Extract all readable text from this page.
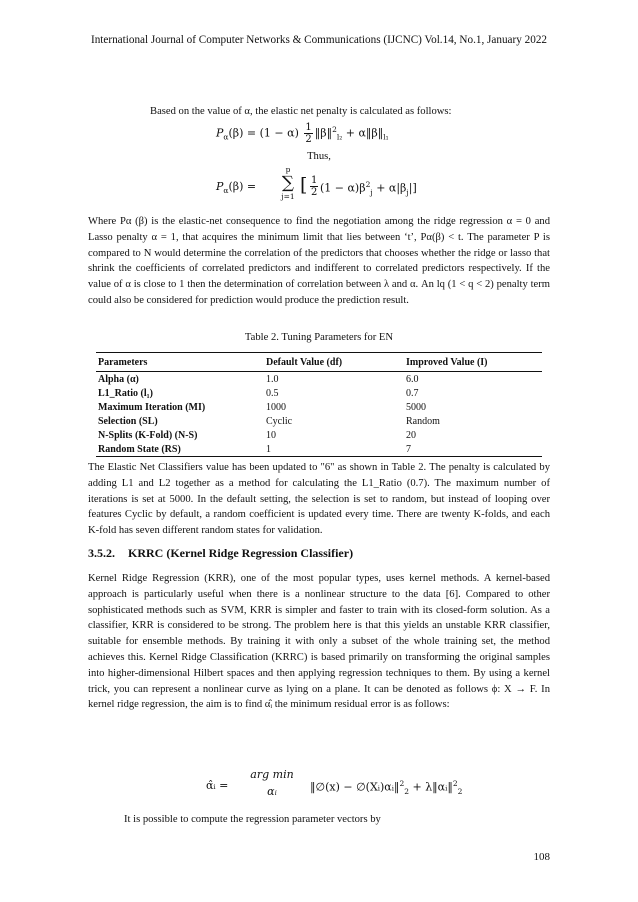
International Journal of Computer Networks & Communications (IJCNC) Vol.14, No.1, January 2022
Based on the value of α, the elastic net penalty is calculated as follows:
$P_\alpha(\beta) = (1 - \alpha) \frac{1}{2}$ ‖β‖$^2_{l_2}$ + $\alpha‖\beta‖_{l_1}$
Thus,
$P_\alpha(\beta)$ =
p
∑
j=1
[ $\frac{1}{2} (1 - \alpha)\beta^2_j + \alpha|\beta_j|$]
Where Pα (β) is the elastic-net consequence to find the negotiation among the ridge regression α = 0 and Lasso penalty α = 1, that acquires the minimum limit that lies between ‘t’, Pα(β) < t. The parameter P is compared to N would determine the correlation of the predictors that chooses whether the ridge or lasso that shrink the coefficients of correlated predictors and indifferent to correlated predictors respectively. If the value of α is close to 1 then the determination of correlation between λ and α. An lq (1 < q < 2) penalty term could also be considered for prediction would produce the prediction result.
Table 2. Tuning Parameters for EN
Parameters	Default Value (df)	Improved Value (I)
Alpha (α)	1.0	6.0
L1_Ratio (l₁)	0.5	0.7
Maximum Iteration (MI)	1000	5000
Selection (SL)	Cyclic	Random
N-Splits (K-Fold) (N-S)	10	20
Random State (RS)	1	7
The Elastic Net Classifiers value has been updated to "6" as shown in Table 2. The penalty is calculated by adding L1 and L2 together as a method for calculating the L1_Ratio (0.7). The maximum number of iterations is set at 5000. In the default setting, the selection is set to random, but instead of looping over features Cyclic by default, a random coefficient is updated every time. There are twenty K-folds, and each K-fold has seven different random states for validation.
3.5.2. KRRC (Kernel Ridge Regression Classifier)
Kernel Ridge Regression (KRR), one of the most popular types, uses kernel methods. A kernel-based approach is particularly useful when there is a nonlinear structure to the data [6]. Compared to other sophisticated methods such as SVM, KRR is simpler and faster to train with its closed-form solution. As a classifier, KRR is considered to be strong. The problem here is that this yields an unstable KRR classifier, suitable for ensemble methods. By training it with only a subset of the whole training set, the method achieves this. Kernel Ridge Classification (KRRC) is based primarily on transforming the original samples into higher-dimensional Hilbert spaces and then applying regression techniques to them. By using a kernel trick, you can represent a nonlinear curve as lying on a plane. It can be denoted as follows ϕ: X → F. In kernel ridge regression, the aim is to find α̂ᵢ the minimum residual error is as follows:
α̂ᵢ =
arg min
αᵢ	‖∅(x) − ∅(Xᵢ)αᵢ‖$^2_2$ + λ‖αᵢ‖$^2_2$
It is possible to compute the regression parameter vectors by
108
